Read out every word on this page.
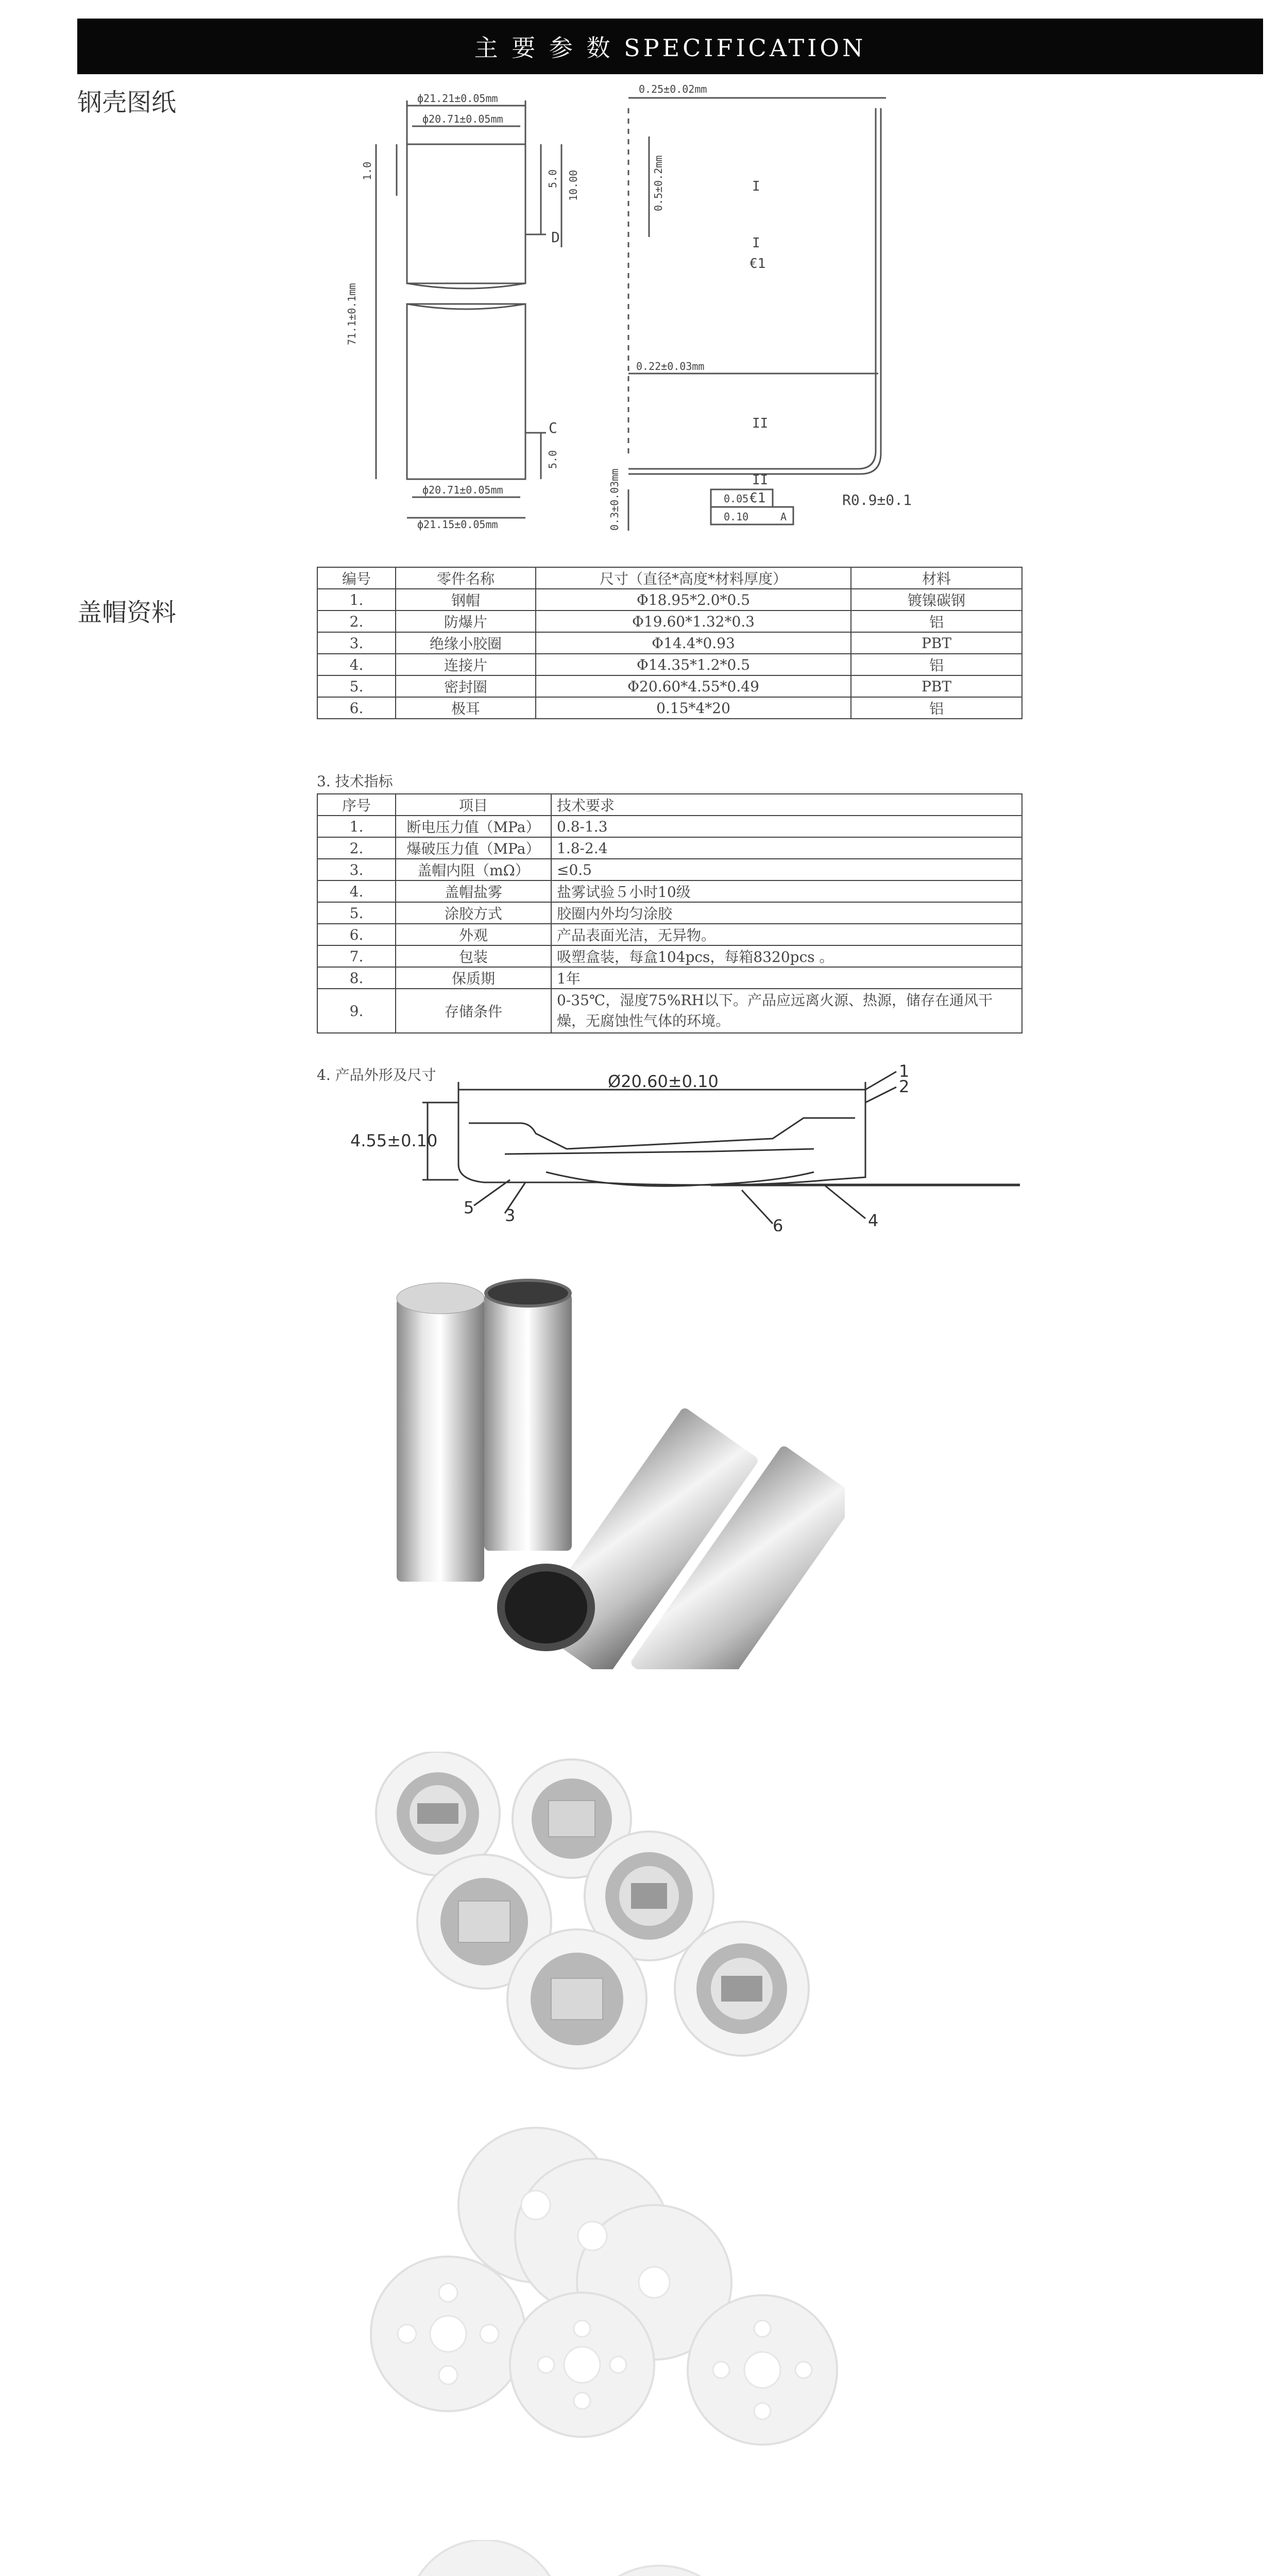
主 要 参 数 SPECIFICATION
钢壳图纸	ф21.21±0.05mm
ф20.71±0.05mm
ф20.71±0.05mm
ф21.15±0.05mm
71.1±0.1mm
1.0	5.0 10.00
5.0
D
C
0.25±0.02mm
0.5±0.2mm
0.22±0.03mm
0.3±0.03mm	R0.9±0.1
I
I
€1
II
II
€1
0.05
0.10	A
盖帽资料
编号	零件名称	尺寸（直径*高度*材料厚度）	材料
1.	钢帽	Φ18.95*2.0*0.5	镀镍碳钢
2.	防爆片	Φ19.60*1.32*0.3	铝
3.	绝缘小胶圈	Φ14.4*0.93	PBT
4.	连接片	Φ14.35*1.2*0.5	铝
5.	密封圈	Φ20.60*4.55*0.49	PBT
6.	极耳	0.15*4*20	铝
3. 技术指标
序号	项目	技术要求
1.	断电压力值（MPa）	0.8-1.3
2.	爆破压力值（MPa）	1.8-2.4
3.	盖帽内阻（mΩ）	≤0.5
4.	盖帽盐雾	盐雾试验５小时10级
5.	涂胶方式	胶圈内外均匀涂胶
6.	外观	产品表面光洁，无异物。
7.	包装	吸塑盒装，每盒104pcs，每箱8320pcs 。
8.	保质期	1年
9.	存储条件	0-35℃，湿度75%RH以下。产品应远离火源、热源，储存在通风干燥，无腐蚀性气体的环境。
4. 产品外形及尺寸	Ø20.60±0.10
4.55±0.10
1
2
3	4
5
6
